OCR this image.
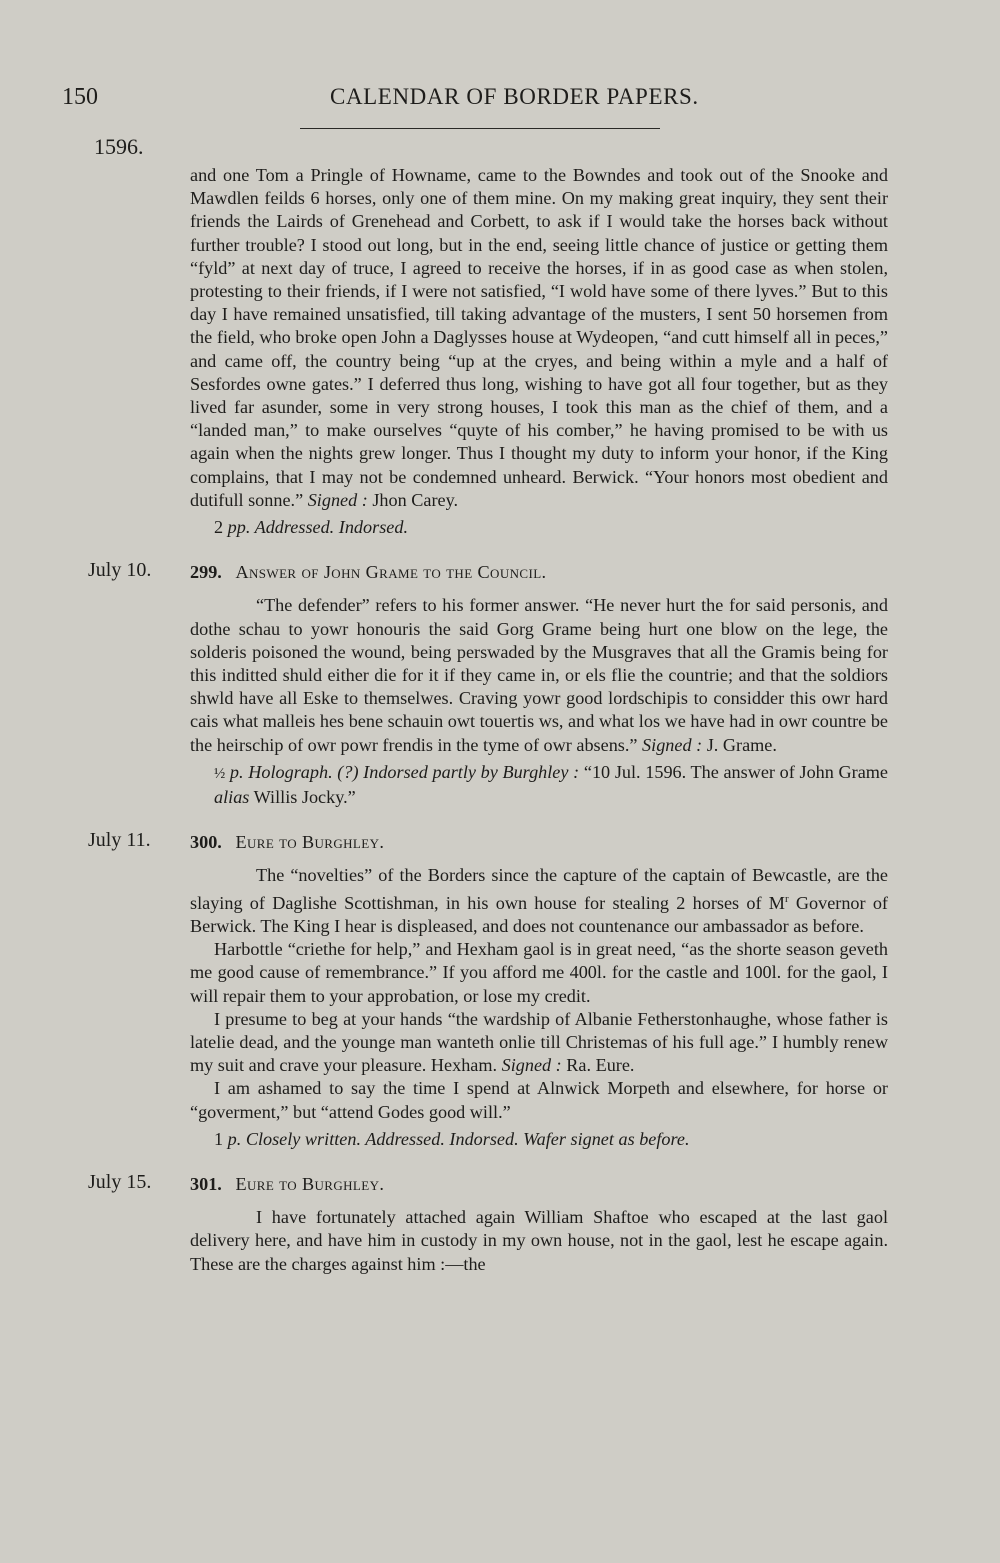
150	CALENDAR OF BORDER PAPERS.
1596.

and one Tom a Pringle of Howname, came to the Bowndes and took out of the Snooke and Mawdlen feilds 6 horses, only one of them mine. On my making great inquiry, they sent their friends the Lairds of Grenehead and Corbett, to ask if I would take the horses back without further trouble? I stood out long, but in the end, seeing little chance of justice or getting them “fyld” at next day of truce, I agreed to receive the horses, if in as good case as when stolen, protesting to their friends, if I were not satisfied, “I wold have some of there lyves.” But to this day I have remained unsatisfied, till taking advantage of the musters, I sent 50 horsemen from the field, who broke open John a Daglysses house at Wydeopen, “and cutt himself all in peces,” and came off, the country being “up at the cryes, and being within a myle and a half of Sesfordes owne gates.” I deferred thus long, wishing to have got all four together, but as they lived far asunder, some in very strong houses, I took this man as the chief of them, and a “landed man,” to make ourselves “quyte of his comber,” he having promised to be with us again when the nights grew longer. Thus I thought my duty to inform your honor, if the King complains, that I may not be condemned unheard. Berwick. “Your honors most obedient and dutifull sonne.” Signed : Jhon Carey.

2 pp. Addressed. Indorsed.

July 10. 299. Answer of John Grame to the Council.

“The defender” refers to his former answer. “He never hurt the for said personis, and dothe schau to yowr honouris the said Gorg Grame being hurt one blow on the lege, the solderis poisoned the wound, being perswaded by the Musgraves that all the Gramis being for this inditted shuld either die for it if they came in, or els flie the countrie; and that the soldiors shwld have all Eske to themselwes. Craving yowr good lordschipis to considder this owr hard cais what malleis hes bene schauin owt touertis ws, and what los we have had in owr countre be the heirschip of owr powr frendis in the tyme of owr absens.” Signed : J. Grame.

½ p. Holograph. (?) Indorsed partly by Burghley : “10 Jul. 1596. The answer of John Grame alias Willis Jocky.”

July 11. 300. Eure to Burghley.

The “novelties” of the Borders since the capture of the captain of Bewcastle, are the slaying of Daglishe Scottishman, in his own house for stealing 2 horses of $M^r$ Governor of Berwick. The King I hear is displeased, and does not countenance our ambassador as before.

Harbottle “criethe for help,” and Hexham gaol is in great need, “as the shorte season geveth me good cause of remembrance.” If you afford me 400l. for the castle and 100l. for the gaol, I will repair them to your approbation, or lose my credit.

I presume to beg at your hands “the wardship of Albanie Fetherstonhaughe, whose father is latelie dead, and the younge man wanteth onlie till Christemas of his full age.” I humbly renew my suit and crave your pleasure. Hexham. Signed : Ra. Eure.

I am ashamed to say the time I spend at Alnwick Morpeth and elsewhere, for horse or “goverment,” but “attend Godes good will.”

1 p. Closely written. Addressed. Indorsed. Wafer signet as before.

July 15. 301. Eure to Burghley.

I have fortunately attached again William Shaftoe who escaped at the last gaol delivery here, and have him in custody in my own house, not in the gaol, lest he escape again. These are the charges against him :—the
